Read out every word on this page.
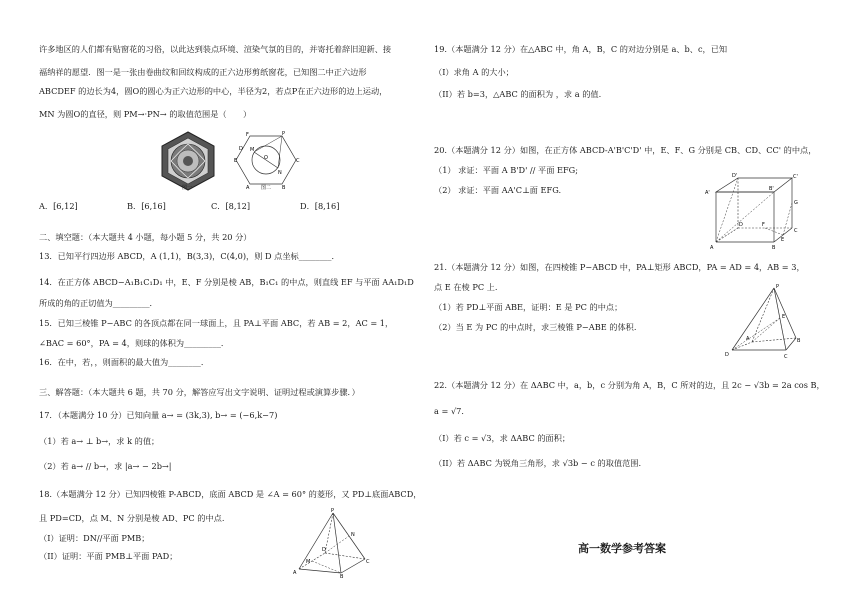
许多地区的人们都有贴窗花的习俗，以此达到装点环境、渲染气氛的目的，并寄托着辞旧迎新、接
福纳祥的愿望．图一是一张由卷曲纹和回纹构成的正六边形剪纸窗花，已知图二中正六边形
ABCDEF 的边长为4，圆O的圆心为正六边形的中心，半径为2，若点P在正六边形的边上运动，
MN 为圆O的直径，则 PM→·PN→ 的取值范围是（　　）
图一
F	P
E	C
A	B
O
M
N
D
图二
A．[6,12]	B．[6,16]	C．[8,12]	D．[8,16]
二、填空题：（本大题共 4 小题，每小题 5 分，共 20 分）
13．已知平行四边形 ABCD，A (1,1)，B(3,3)，C(4,0)，则 D 点坐标________．
14．在正方体 ABCD−A₁B₁C₁D₁ 中，E、F 分别是棱 AB，B₁C₁ 的中点，则直线 EF 与平面 AA₁D₁D
所成的角的正切值为_________．
15．已知三棱锥 P−ABC 的各顶点都在同一球面上，且 PA⊥平面 ABC，若 AB = 2，AC = 1，
∠BAC = 60°，PA = 4，则球的体积为_________．
16．在中，若，，则面积的最大值为________．
三、解答题：（本大题共 6 题，共 70 分，解答应写出文字说明、证明过程或演算步骤．）
17．（本题满分 10 分）已知向量 a→ = (3k,3), b→ = (−6,k−7)
（1）若 a→ ⊥ b→，求 k 的值；
（2）若 a→ // b→，求 |a→ − 2b→|
18.（本题满分 12 分）已知四棱锥 P-ABCD，底面 ABCD 是 ∠A = 60° 的菱形，又 PD⊥底面ABCD，
且 PD=CD，点 M、N 分别是棱 AD、PC 的中点.
（I）证明：DN//平面 PMB；
（II）证明：平面 PMB⊥平面 PAD；
P
N
M
D
C
A
B
19.（本题满分 12 分）在△ABC 中，角 A，B，C 的对边分别是 a、b、c，已知
（I）求角 A 的大小；
（II）若 b=3，△ABC 的面积为 ，求 a 的值.
20.（本题满分 12 分）如图，在正方体 ABCD-A'B'C'D' 中，E、F、G 分别是 CB、CD、CC' 的中点，
（1） 求证：平面 A B'D' // 平面 EFG;
（2） 求证：平面 AA'C⊥面 EFG.
D'	C'
A'
B'
G
F
D
C
A
E
B
21.（本题满分 12 分）如图，在四棱锥 P−ABCD 中，PA⊥矩形 ABCD，PA = AD = 4，AB = 3，
点 E 在棱 PC 上.
（1）若 PD⊥平面 ABE，证明：E 是 PC 的中点；
（2）当 E 为 PC 的中点时，求三棱锥 P−ABE 的体积.
P
E
A
D
B
C
22.（本题满分 12 分）在 ΔABC 中，a，b，c 分别为角 A，B，C 所对的边，且 2c − √3b = 2a cos B，
a = √7．
（I）若 c = √3，求 ΔABC 的面积；
（II）若 ΔABC 为锐角三角形，求 √3b − c 的取值范围.
高一数学参考答案
